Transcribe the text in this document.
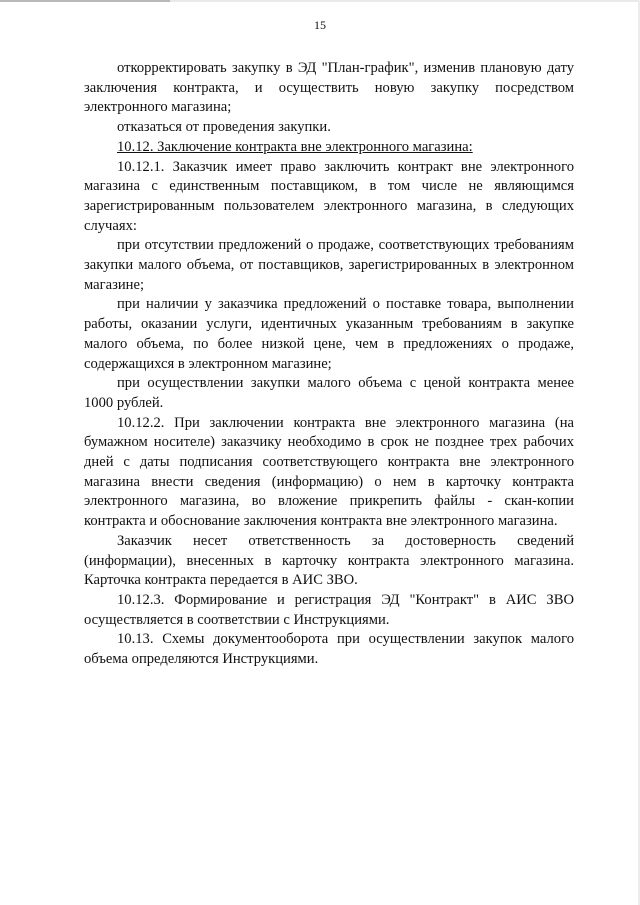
15

откорректировать закупку в ЭД "План-график", изменив плановую дату заключения контракта, и осуществить новую закупку посредством электронного магазина;

отказаться от проведения закупки.

10.12. Заключение контракта вне электронного магазина:

10.12.1. Заказчик имеет право заключить контракт вне электронного магазина с единственным поставщиком, в том числе не являющимся зарегистрированным пользователем электронного магазина, в следующих случаях:

при отсутствии предложений о продаже, соответствующих требованиям закупки малого объема, от поставщиков, зарегистрированных в электронном магазине;

при наличии у заказчика предложений о поставке товара, выполнении работы, оказании услуги, идентичных указанным требованиям в закупке малого объема, по более низкой цене, чем в предложениях о продаже, содержащихся в электронном магазине;

при осуществлении закупки малого объема с ценой контракта менее 1000 рублей.

10.12.2. При заключении контракта вне электронного магазина (на бумажном носителе) заказчику необходимо в срок не позднее трех рабочих дней с даты подписания соответствующего контракта вне электронного магазина внести сведения (информацию) о нем в карточку контракта электронного магазина, во вложение прикрепить файлы - скан-копии контракта и обоснование заключения контракта вне электронного магазина.

Заказчик несет ответственность за достоверность сведений (информации), внесенных в карточку контракта электронного магазина. Карточка контракта передается в АИС ЗВО.

10.12.3. Формирование и регистрация ЭД "Контракт" в АИС ЗВО осуществляется в соответствии с Инструкциями.

10.13. Схемы документооборота при осуществлении закупок малого объема определяются Инструкциями.
